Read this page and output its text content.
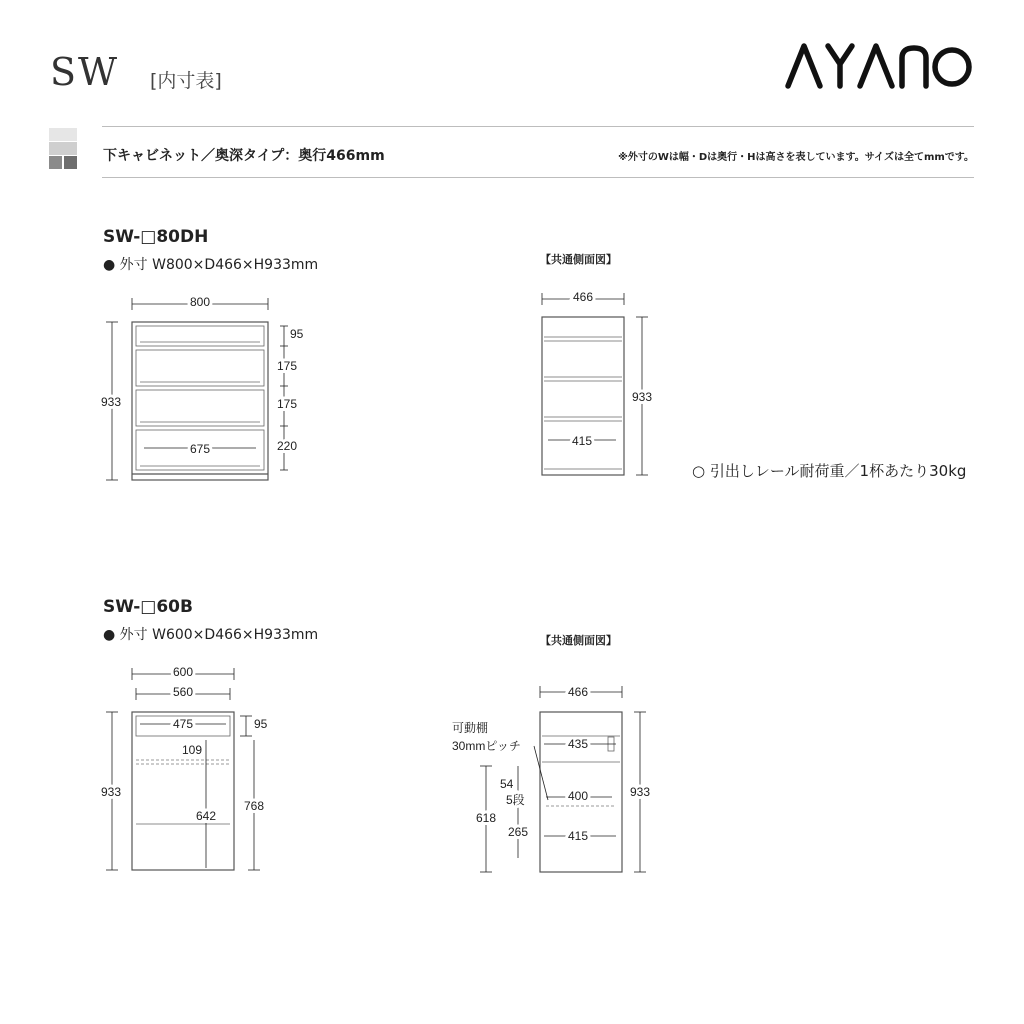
SW [内寸表]
下キャビネット／奥深タイプ：奥行466mm	※外寸のWは幅・Dは奥行・Hは高さを表しています。サイズは全てmmです。
SW-□80DH
● 外寸 W800×D466×H933mm	【共通側面図】
800
933
675
95
175
175
220
466
415
933
○ 引出しレール耐荷重／1杯あたり30kg
SW-□60B
● 外寸 W600×D466×H933mm	【共通側面図】
600
560
933
475
109
642
95
768
466
435
400
415
可動棚
30mmピッチ
618
54
5段
265
933
